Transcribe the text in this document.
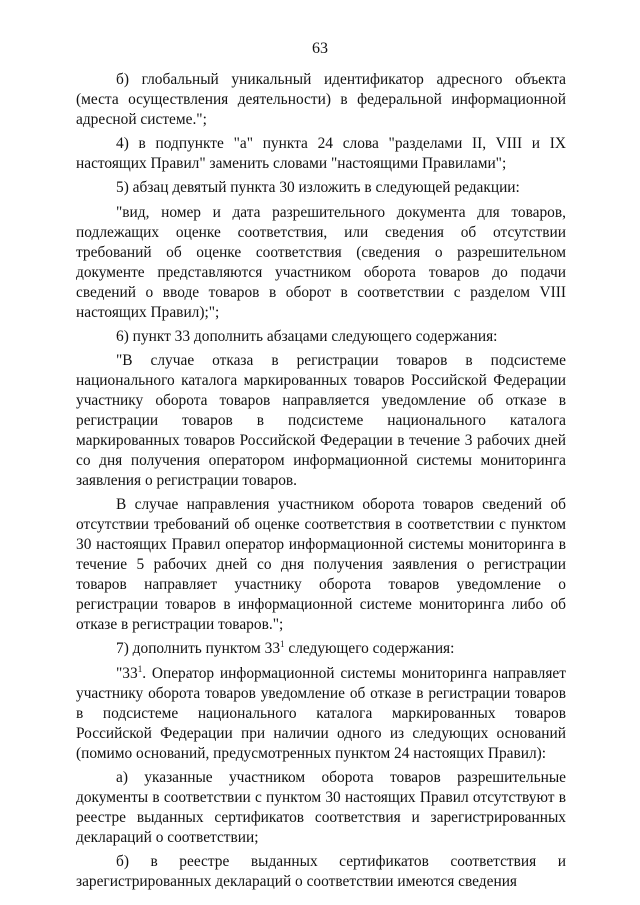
63

б) глобальный уникальный идентификатор адресного объекта (места осуществления деятельности) в федеральной информационной адресной системе.";

4) в подпункте "а" пункта 24 слова "разделами II, VIII и IX настоящих Правил" заменить словами "настоящими Правилами";

5) абзац девятый пункта 30 изложить в следующей редакции:

"вид, номер и дата разрешительного документа для товаров, подлежащих оценке соответствия, или сведения об отсутствии требований об оценке соответствия (сведения о разрешительном документе представляются участником оборота товаров до подачи сведений о вводе товаров в оборот в соответствии с разделом VIII настоящих Правил);";

6) пункт 33 дополнить абзацами следующего содержания:

"В случае отказа в регистрации товаров в подсистеме национального каталога маркированных товаров Российской Федерации участнику оборота товаров направляется уведомление об отказе в регистрации товаров в подсистеме национального каталога маркированных товаров Российской Федерации в течение 3 рабочих дней со дня получения оператором информационной системы мониторинга заявления о регистрации товаров.

В случае направления участником оборота товаров сведений об отсутствии требований об оценке соответствия в соответствии с пунктом 30 настоящих Правил оператор информационной системы мониторинга в течение 5 рабочих дней со дня получения заявления о регистрации товаров направляет участнику оборота товаров уведомление о регистрации товаров в информационной системе мониторинга либо об отказе в регистрации товаров.";

7) дополнить пунктом $33^1$ следующего содержания:

"$33^1$. Оператор информационной системы мониторинга направляет участнику оборота товаров уведомление об отказе в регистрации товаров в подсистеме национального каталога маркированных товаров Российской Федерации при наличии одного из следующих оснований (помимо оснований, предусмотренных пунктом 24 настоящих Правил):

а) указанные участником оборота товаров разрешительные документы в соответствии с пунктом 30 настоящих Правил отсутствуют в реестре выданных сертификатов соответствия и зарегистрированных деклараций о соответствии;

б) в реестре выданных сертификатов соответствия и зарегистрированных деклараций о соответствии имеются сведения
